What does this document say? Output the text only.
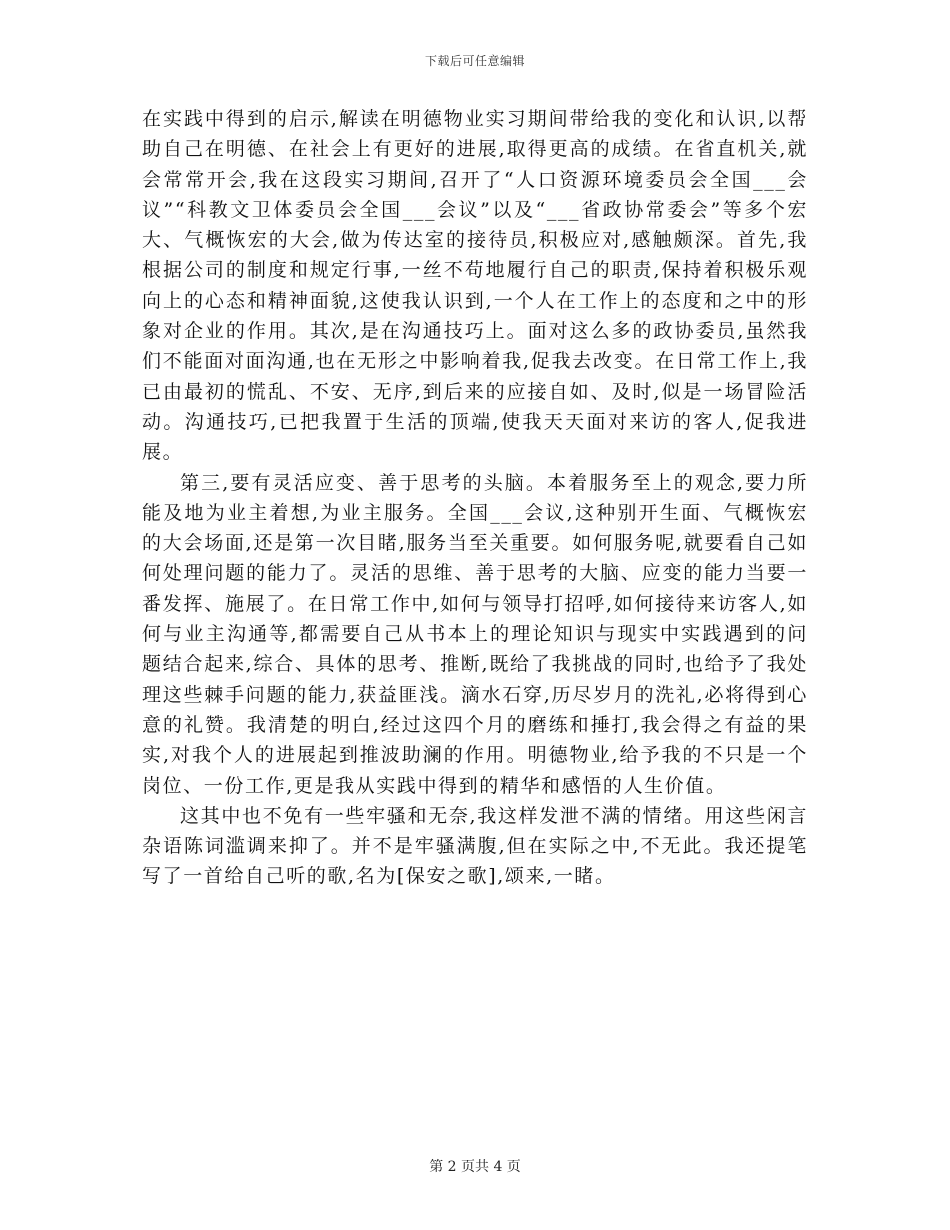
下载后可任意编辑

在实践中得到的启示,解读在明德物业实习期间带给我的变化和认识,以帮助自己在明德、在社会上有更好的进展,取得更高的成绩。在省直机关,就会常常开会,我在这段实习期间,召开了“人口资源环境委员会全国___会议”“科教文卫体委员会全国___会议”以及“___省政协常委会”等多个宏大、气概恢宏的大会,做为传达室的接待员,积极应对,感触颇深。首先,我根据公司的制度和规定行事,一丝不苟地履行自己的职责,保持着积极乐观向上的心态和精神面貌,这使我认识到,一个人在工作上的态度和之中的形象对企业的作用。其次,是在沟通技巧上。面对这么多的政协委员,虽然我们不能面对面沟通,也在无形之中影响着我,促我去改变。在日常工作上,我已由最初的慌乱、不安、无序,到后来的应接自如、及时,似是一场冒险活动。沟通技巧,已把我置于生活的顶端,使我天天面对来访的客人,促我进展。

第三,要有灵活应变、善于思考的头脑。本着服务至上的观念,要力所能及地为业主着想,为业主服务。全国___会议,这种别开生面、气概恢宏的大会场面,还是第一次目睹,服务当至关重要。如何服务呢,就要看自己如何处理问题的能力了。灵活的思维、善于思考的大脑、应变的能力当要一番发挥、施展了。在日常工作中,如何与领导打招呼,如何接待来访客人,如何与业主沟通等,都需要自己从书本上的理论知识与现实中实践遇到的问题结合起来,综合、具体的思考、推断,既给了我挑战的同时,也给予了我处理这些棘手问题的能力,获益匪浅。滴水石穿,历尽岁月的洗礼,必将得到心意的礼赞。我清楚的明白,经过这四个月的磨练和捶打,我会得之有益的果实,对我个人的进展起到推波助澜的作用。明德物业,给予我的不只是一个岗位、一份工作,更是我从实践中得到的精华和感悟的人生价值。

这其中也不免有一些牢骚和无奈,我这样发泄不满的情绪。用这些闲言杂语陈词滥调来抑了。并不是牢骚满腹,但在实际之中,不无此。我还提笔写了一首给自己听的歌,名为[保安之歌],颂来,一睹。

第 2 页共 4 页
